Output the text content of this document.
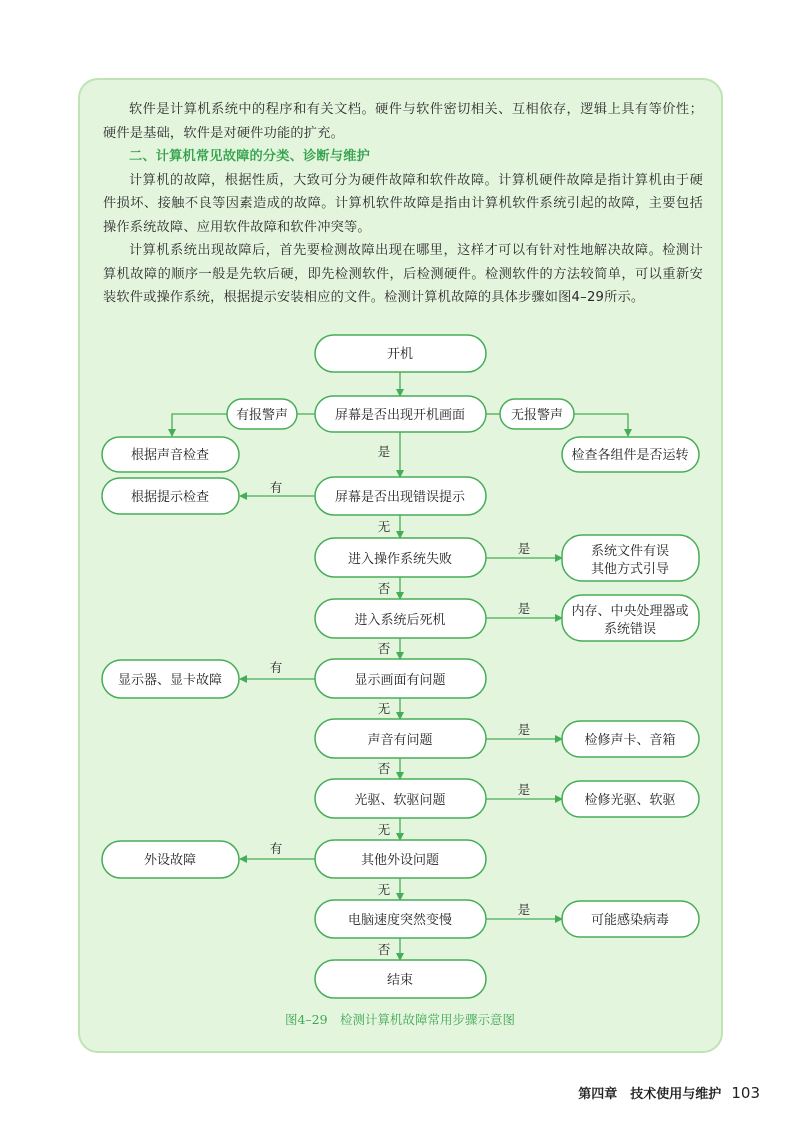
软件是计算机系统中的程序和有关文档。硬件与软件密切相关、互相依存，逻辑上具有等价性；硬件是基础，软件是对硬件功能的扩充。

二、计算机常见故障的分类、诊断与维护

计算机的故障，根据性质，大致可分为硬件故障和软件故障。计算机硬件故障是指计算机由于硬件损坏、接触不良等因素造成的故障。计算机软件故障是指由计算机软件系统引起的故障，主要包括操作系统故障、应用软件故障和软件冲突等。

计算机系统出现故障后，首先要检测故障出现在哪里，这样才可以有针对性地解决故障。检测计算机故障的顺序一般是先软后硬，即先检测软件，后检测硬件。检测软件的方法较简单，可以重新安装软件或操作系统，根据提示安装相应的文件。检测计算机故障的具体步骤如图4–29所示。

开机
屏幕是否出现开机画面
屏幕是否出现错误提示
进入操作系统失败
进入系统后死机
显示画面有问题
声音有问题
光驱、软驱问题
其他外设问题
电脑速度突然变慢
结束
有报警声	无报警声
根据声音检查
根据提示检查
显示器、显卡故障
外设故障
检查各组件是否运转
系统文件有误
其他方式引导
内存、中央处理器或
系统错误
检修声卡、音箱
检修光驱、软驱
可能感染病毒
是
无
否
否
无
否
无
无
否
有
有
有
是
是
是
是
是
图4–29　检测计算机故障常用步骤示意图
第四章　技术使用与维护 103
